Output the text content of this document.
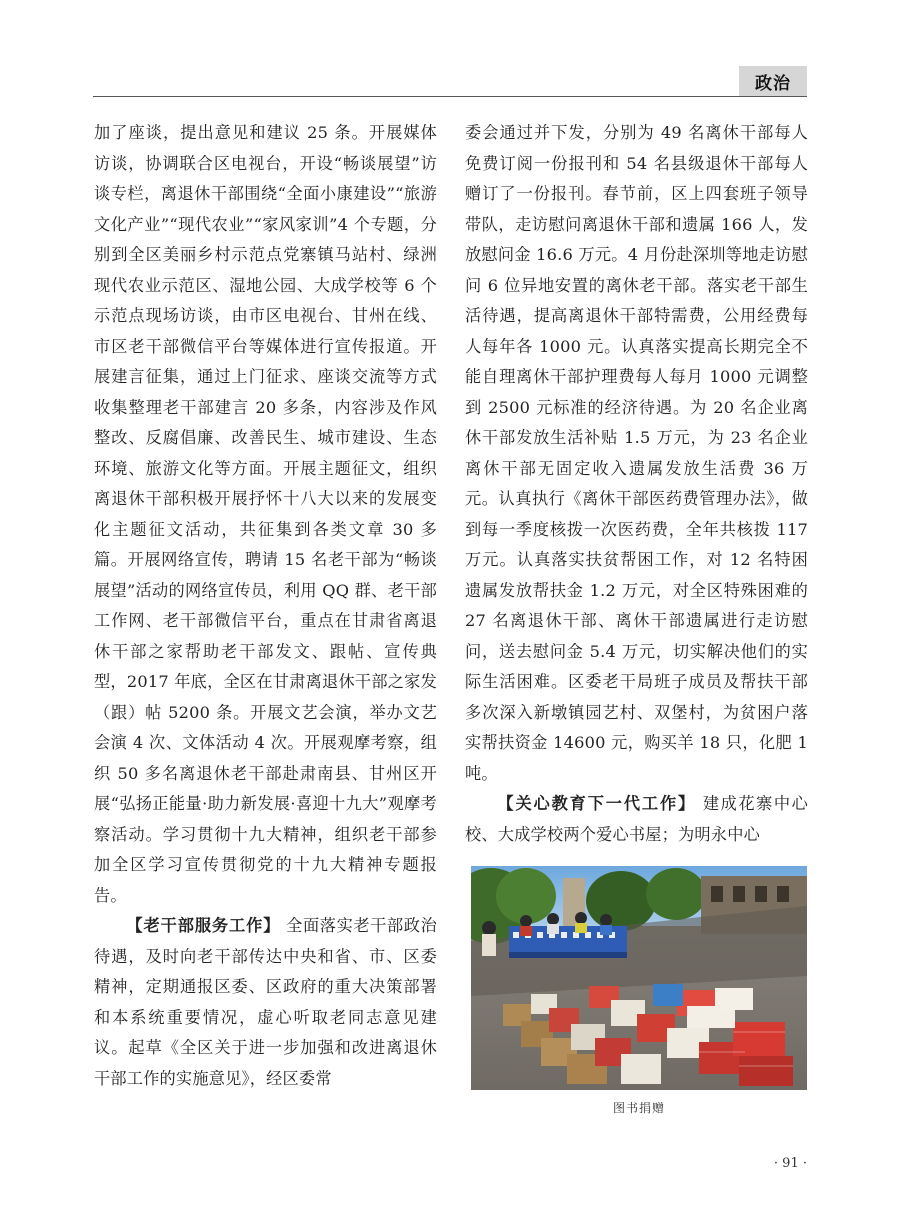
政治

加了座谈，提出意见和建议 25 条。开展媒体访谈，协调联合区电视台，开设“畅谈展望”访谈专栏，离退休干部围绕“全面小康建设”“旅游文化产业”“现代农业”“家风家训”4 个专题，分别到全区美丽乡村示范点党寨镇马站村、绿洲现代农业示范区、湿地公园、大成学校等 6 个示范点现场访谈，由市区电视台、甘州在线、市区老干部微信平台等媒体进行宣传报道。开展建言征集，通过上门征求、座谈交流等方式收集整理老干部建言 20 多条，内容涉及作风整改、反腐倡廉、改善民生、城市建设、生态环境、旅游文化等方面。开展主题征文，组织离退休干部积极开展抒怀十八大以来的发展变化主题征文活动，共征集到各类文章 30 多篇。开展网络宣传，聘请 15 名老干部为“畅谈展望”活动的网络宣传员，利用 QQ 群、老干部工作网、老干部微信平台，重点在甘肃省离退休干部之家帮助老干部发文、跟帖、宣传典型，2017 年底，全区在甘肃离退休干部之家发（跟）帖 5200 条。开展文艺会演，举办文艺会演 4 次、文体活动 4 次。开展观摩考察，组织 50 多名离退休老干部赴肃南县、甘州区开展“弘扬正能量·助力新发展·喜迎十九大”观摩考察活动。学习贯彻十九大精神，组织老干部参加全区学习宣传贯彻党的十九大精神专题报告。

【老干部服务工作】 全面落实老干部政治待遇，及时向老干部传达中央和省、市、区委精神，定期通报区委、区政府的重大决策部署和本系统重要情况，虚心听取老同志意见建议。起草《全区关于进一步加强和改进离退休干部工作的实施意见》，经区委常

委会通过并下发，分别为 49 名离休干部每人免费订阅一份报刊和 54 名县级退休干部每人赠订了一份报刊。春节前，区上四套班子领导带队，走访慰问离退休干部和遗属 166 人，发放慰问金 16.6 万元。4 月份赴深圳等地走访慰问 6 位异地安置的离休老干部。落实老干部生活待遇，提高离退休干部特需费，公用经费每人每年各 1000 元。认真落实提高长期完全不能自理离休干部护理费每人每月 1000 元调整到 2500 元标准的经济待遇。为 20 名企业离休干部发放生活补贴 1.5 万元，为 23 名企业离休干部无固定收入遗属发放生活费 36 万元。认真执行《离休干部医药费管理办法》，做到每一季度核拨一次医药费，全年共核拨 117 万元。认真落实扶贫帮困工作，对 12 名特困遗属发放帮扶金 1.2 万元，对全区特殊困难的 27 名离退休干部、离休干部遗属进行走访慰问，送去慰问金 5.4 万元，切实解决他们的实际生活困难。区委老干局班子成员及帮扶干部多次深入新墩镇园艺村、双堡村，为贫困户落实帮扶资金 14600 元，购买羊 18 只，化肥 1 吨。

【关心教育下一代工作】 建成花寨中心校、大成学校两个爱心书屋；为明永中心

图书捐赠
· 91 ·
